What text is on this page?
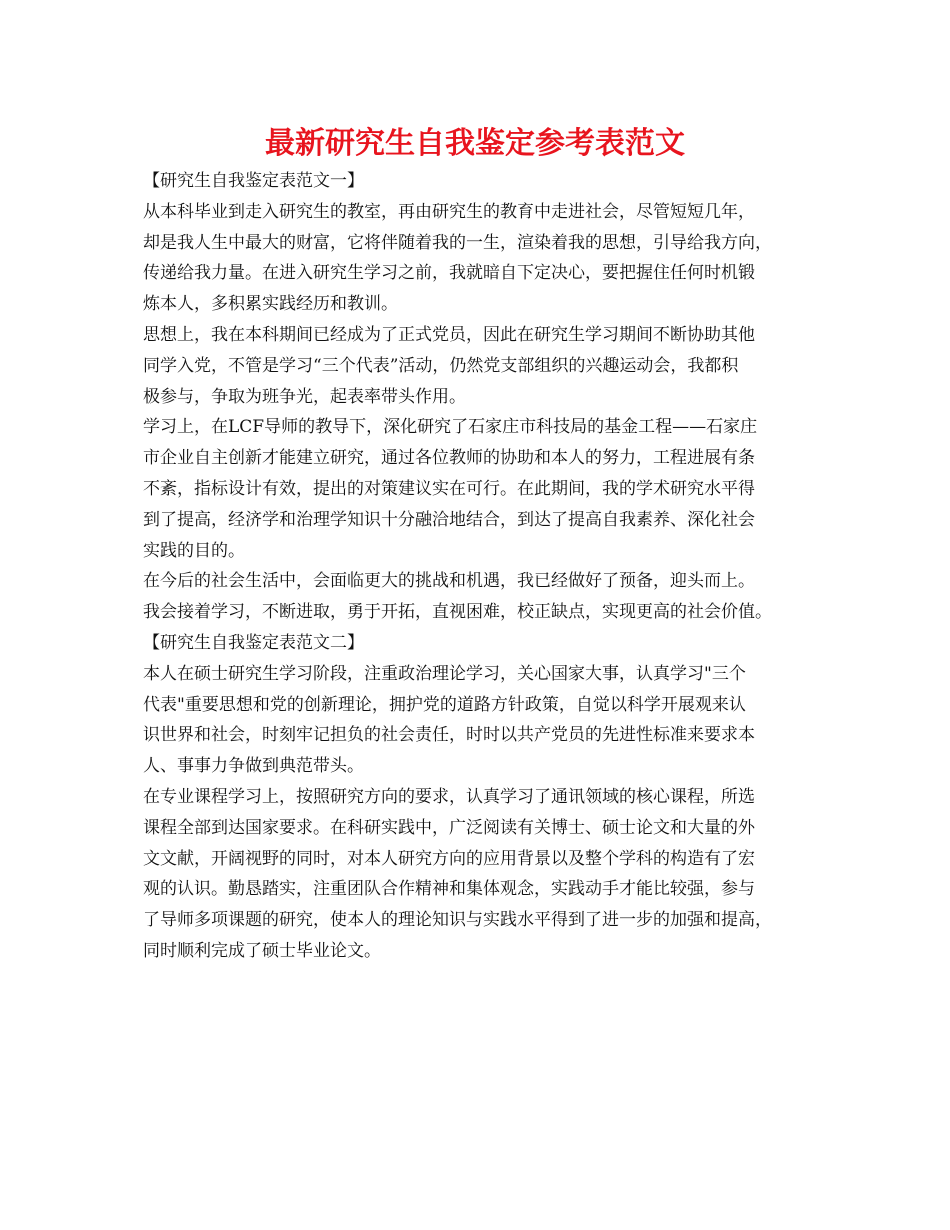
最新研究生自我鉴定参考表范文
【研究生自我鉴定表范文一】
从本科毕业到走入研究生的教室，再由研究生的教育中走进社会，尽管短短几年，
却是我人生中最大的财富，它将伴随着我的一生，渲染着我的思想，引导给我方向，
传递给我力量。在进入研究生学习之前，我就暗自下定决心，要把握住任何时机锻
炼本人，多积累实践经历和教训。
思想上，我在本科期间已经成为了正式党员，因此在研究生学习期间不断协助其他
同学入党，不管是学习“三个代表”活动，仍然党支部组织的兴趣运动会，我都积
极参与，争取为班争光，起表率带头作用。
学习上，在LCF导师的教导下，深化研究了石家庄市科技局的基金工程——石家庄
市企业自主创新才能建立研究，通过各位教师的协助和本人的努力，工程进展有条
不紊，指标设计有效，提出的对策建议实在可行。在此期间，我的学术研究水平得
到了提高，经济学和治理学知识十分融洽地结合，到达了提高自我素养、深化社会
实践的目的。
在今后的社会生活中，会面临更大的挑战和机遇，我已经做好了预备，迎头而上。
我会接着学习，不断进取，勇于开拓，直视困难，校正缺点，实现更高的社会价值。
【研究生自我鉴定表范文二】
本人在硕士研究生学习阶段，注重政治理论学习，关心国家大事，认真学习"三个
代表"重要思想和党的创新理论，拥护党的道路方针政策，自觉以科学开展观来认
识世界和社会，时刻牢记担负的社会责任，时时以共产党员的先进性标准来要求本
人、事事力争做到典范带头。
在专业课程学习上，按照研究方向的要求，认真学习了通讯领域的核心课程，所选
课程全部到达国家要求。在科研实践中，广泛阅读有关博士、硕士论文和大量的外
文文献，开阔视野的同时，对本人研究方向的应用背景以及整个学科的构造有了宏
观的认识。勤恳踏实，注重团队合作精神和集体观念，实践动手才能比较强，参与
了导师多项课题的研究，使本人的理论知识与实践水平得到了进一步的加强和提高，
同时顺利完成了硕士毕业论文。
